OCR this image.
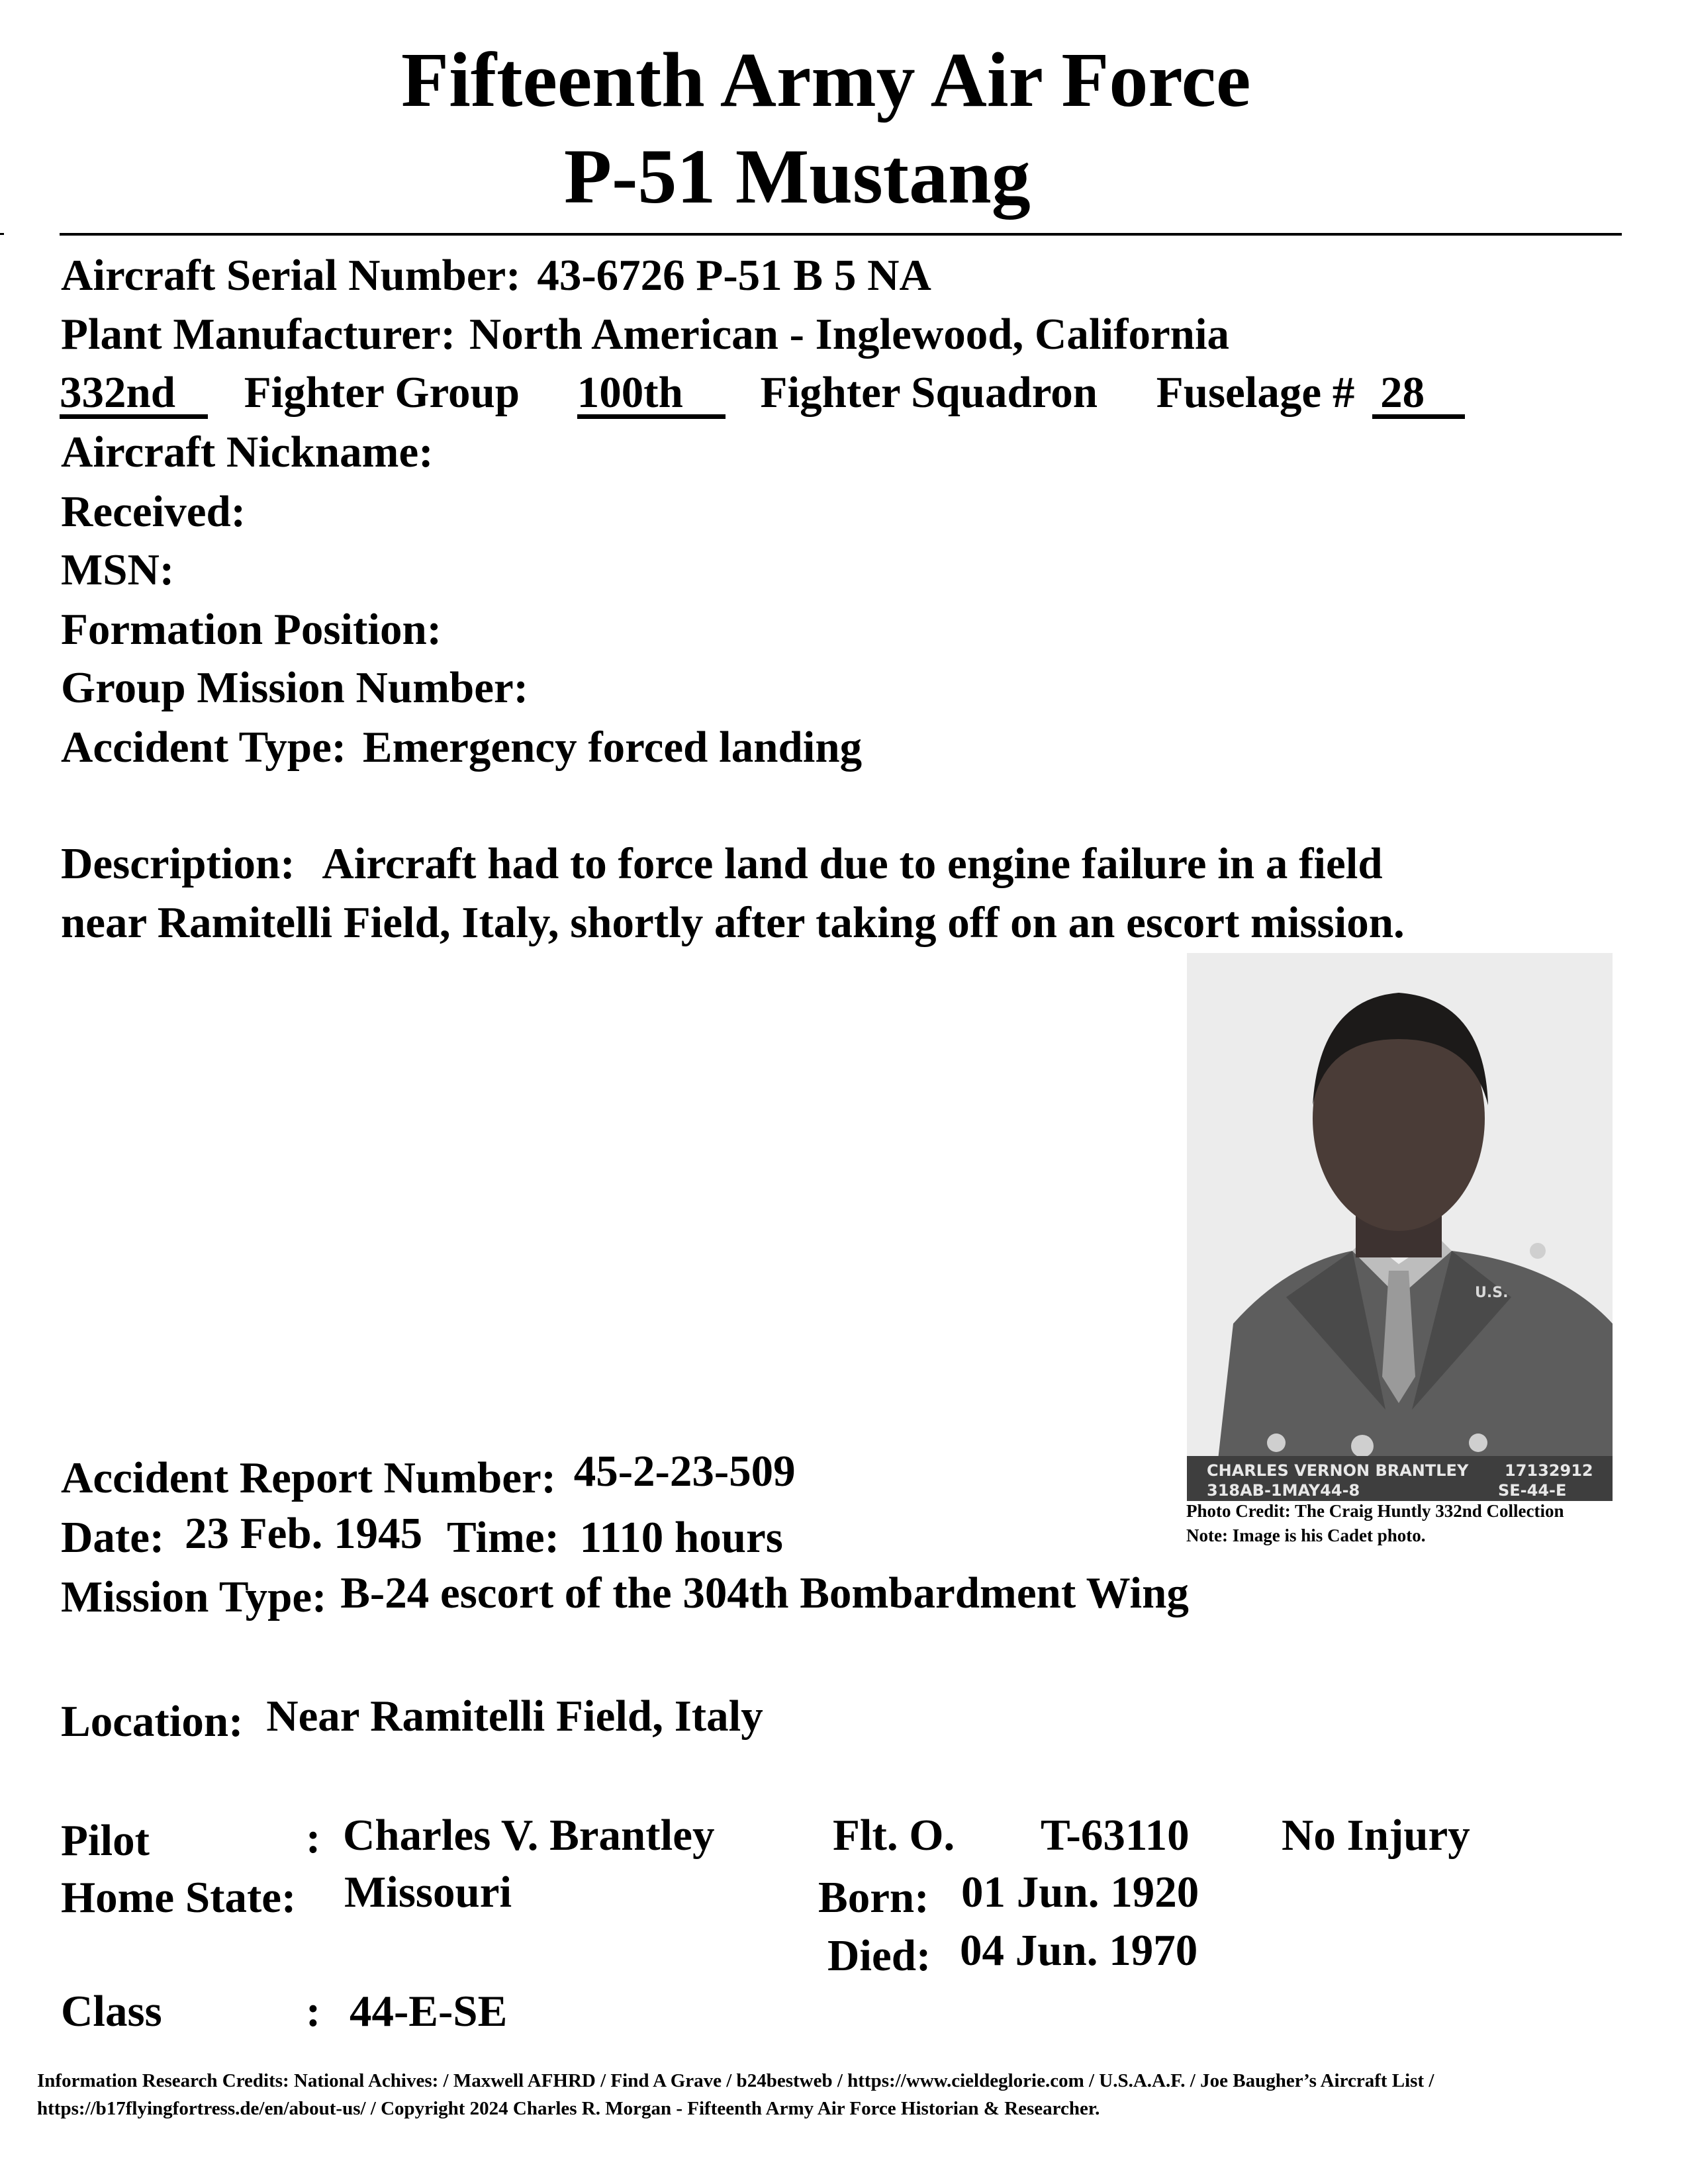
Fifteenth Army Air Force
P-51 Mustang
Aircraft Serial Number: 43-6726 P-51 B 5 NA
Plant Manufacturer: North American - Inglewood, California
332nd Fighter Group 100th Fighter Squadron Fuselage # 28
Aircraft Nickname:
Received:
MSN:
Formation Position:
Group Mission Number:
Accident Type: Emergency forced landing
Description: Aircraft had to force land due to engine failure in a field
near Ramitelli Field, Italy, shortly after taking off on an escort mission.
U.S.
CHARLES VERNON BRANTLEY 17132912
318AB-1MAY44-8	SE-44-E
Photo Credit: The Craig Huntly 332nd Collection
Note: Image is his Cadet photo.
Accident Report Number: 45-2-23-509
Date: 23 Feb. 1945 Time: 1110 hours
Mission Type: B-24 escort of the 304th Bombardment Wing
Location: Near Ramitelli Field, Italy
Pilot	: Charles V. Brantley	Flt. O. T-63110 No Injury
Home State: Missouri	Born: 01 Jun. 1920
Died: 04 Jun. 1970
Class	: 44-E-SE
Information Research Credits: National Achives: / Maxwell AFHRD / Find A Grave / b24bestweb / https://www.cieldeglorie.com / U.S.A.A.F. / Joe Baugher’s Aircraft List /
https://b17flyingfortress.de/en/about-us/ / Copyright 2024 Charles R. Morgan - Fifteenth Army Air Force Historian & Researcher.
